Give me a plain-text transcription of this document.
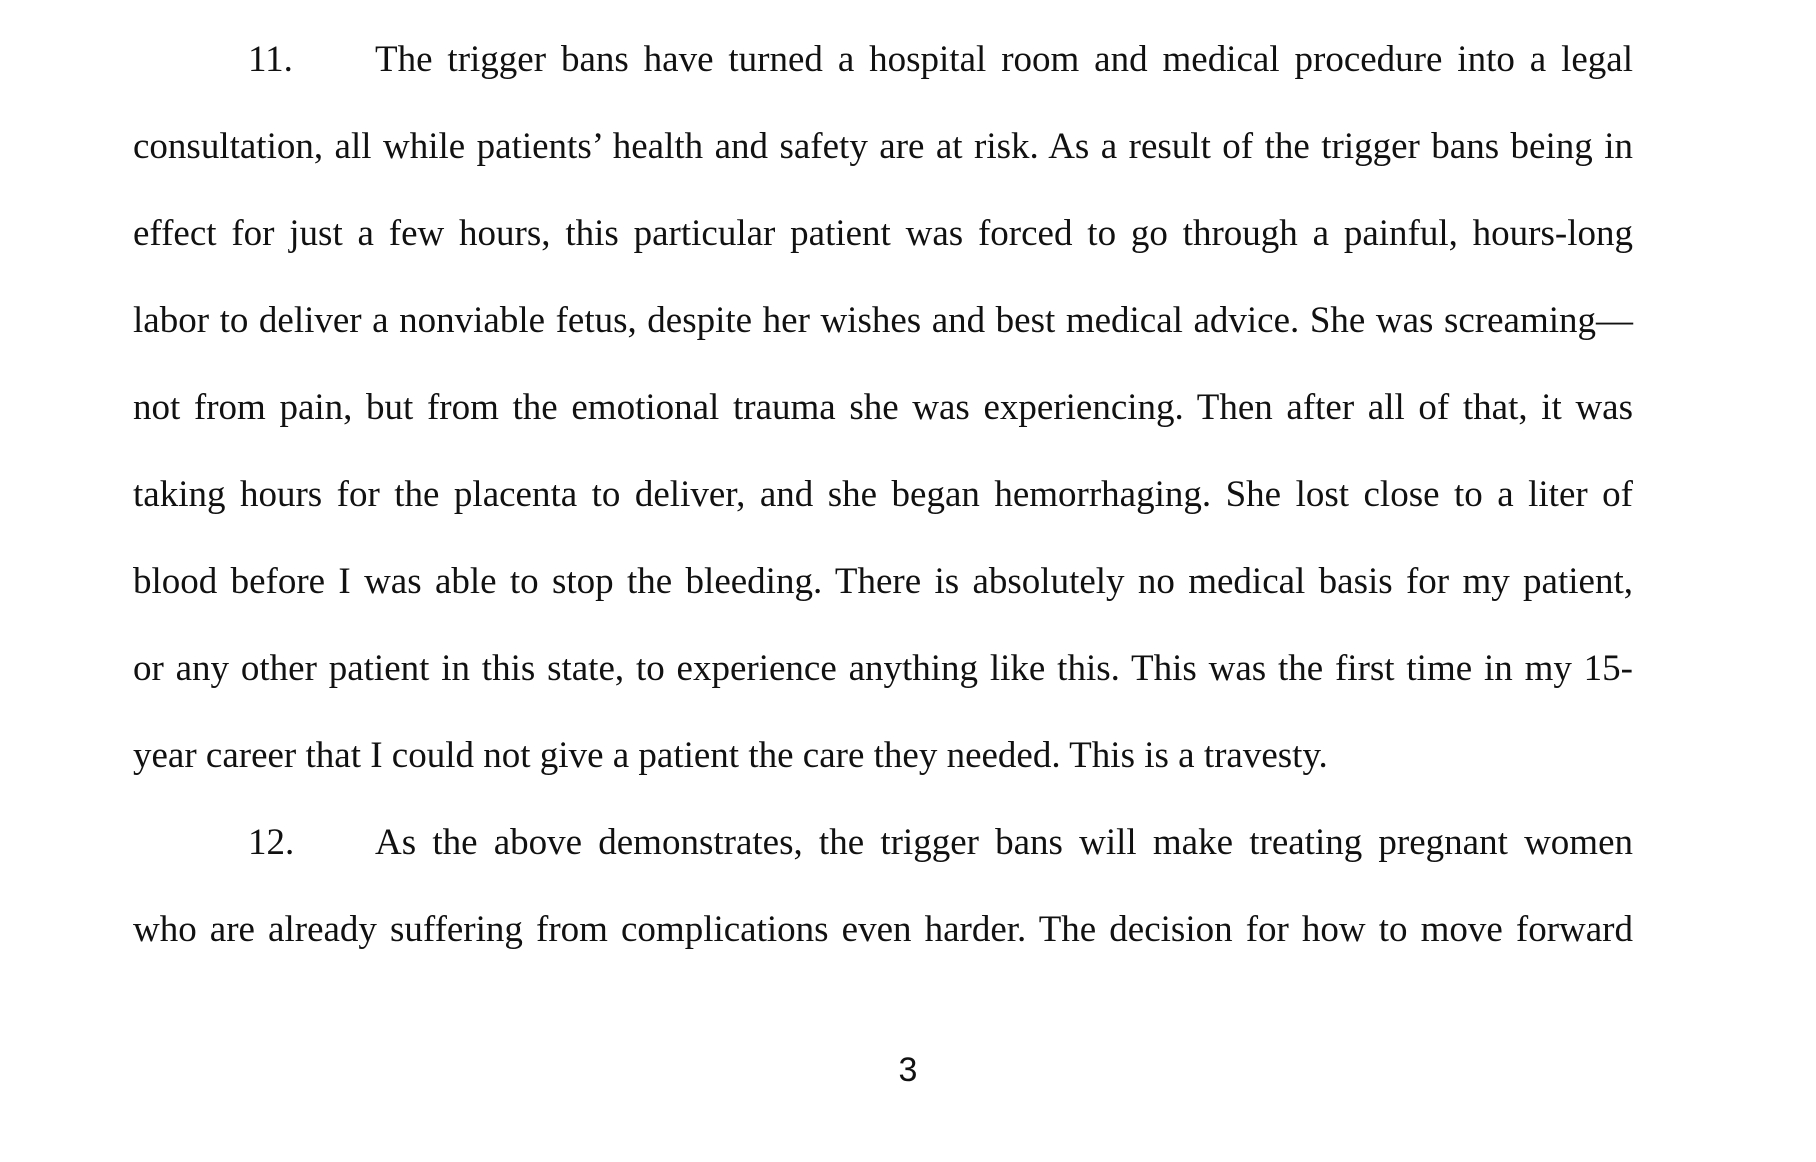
11. The trigger bans have turned a hospital room and medical procedure into a legal
consultation, all while patients’ health and safety are at risk. As a result of the trigger bans being in
effect for just a few hours, this particular patient was forced to go through a painful, hours-long
labor to deliver a nonviable fetus, despite her wishes and best medical advice. She was screaming—
not from pain, but from the emotional trauma she was experiencing. Then after all of that, it was
taking hours for the placenta to deliver, and she began hemorrhaging. She lost close to a liter of
blood before I was able to stop the bleeding. There is absolutely no medical basis for my patient,
or any other patient in this state, to experience anything like this. This was the first time in my 15-
year career that I could not give a patient the care they needed. This is a travesty.
12. As the above demonstrates, the trigger bans will make treating pregnant women
who are already suffering from complications even harder. The decision for how to move forward
3
